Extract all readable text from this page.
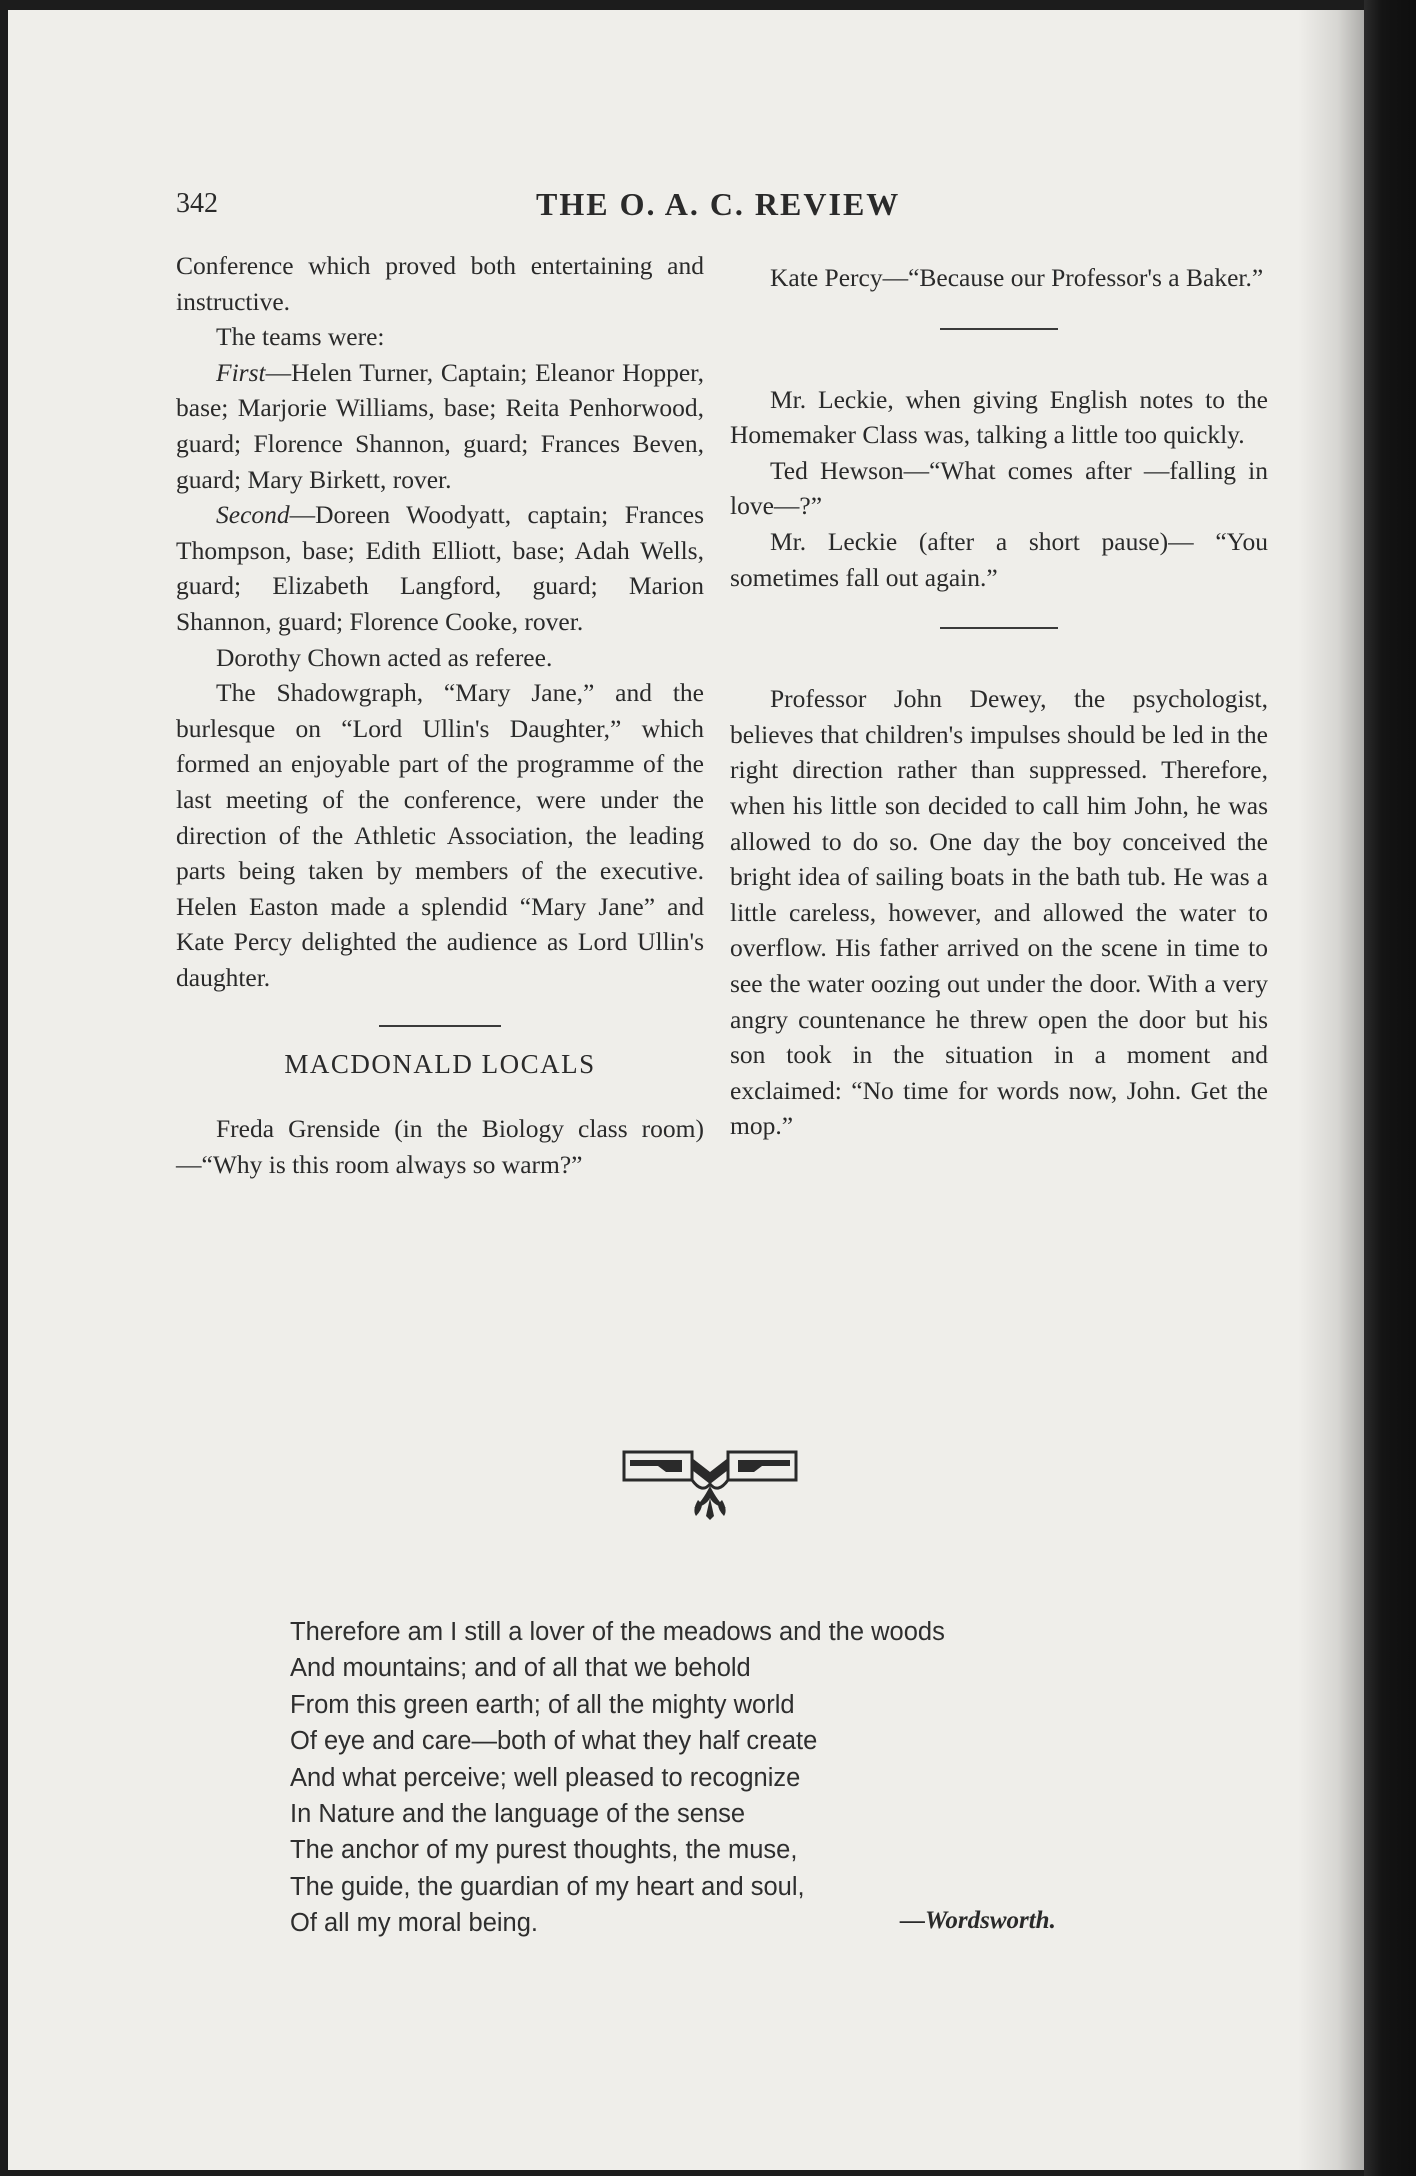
342	THE O. A. C. REVIEW

Conference which proved both entertaining and instructive.

The teams were:

First—Helen Turner, Captain; Eleanor Hopper, base; Marjorie Williams, base; Reita Penhorwood, guard; Florence Shannon, guard; Frances Beven, guard; Mary Birkett, rover.

Second—Doreen Woodyatt, captain; Frances Thompson, base; Edith Elliott, base; Adah Wells, guard; Elizabeth Langford, guard; Marion Shannon, guard; Florence Cooke, rover.

Dorothy Chown acted as referee.

The Shadowgraph, “Mary Jane,” and the burlesque on “Lord Ullin's Daughter,” which formed an enjoyable part of the programme of the last meeting of the conference, were under the direction of the Athletic Association, the leading parts being taken by members of the executive. Helen Easton made a splendid “Mary Jane” and Kate Percy delighted the audience as Lord Ullin's daughter.

MACDONALD LOCALS

Freda Grenside (in the Biology class room)—“Why is this room always so warm?”

Kate Percy—“Because our Professor's a Baker.”

Mr. Leckie, when giving English notes to the Homemaker Class was, talking a little too quickly.

Ted Hewson—“What comes after —falling in love—?”

Mr. Leckie (after a short pause)— “You sometimes fall out again.”

Professor John Dewey, the psychologist, believes that children's impulses should be led in the right direction rather than suppressed. Therefore, when his little son decided to call him John, he was allowed to do so. One day the boy conceived the bright idea of sailing boats in the bath tub. He was a little careless, however, and allowed the water to overflow. His father arrived on the scene in time to see the water oozing out under the door. With a very angry countenance he threw open the door but his son took in the situation in a moment and exclaimed: “No time for words now, John. Get the mop.”

Therefore am I still a lover of the meadows and the woods
And mountains; and of all that we behold
From this green earth; of all the mighty world
Of eye and care—both of what they half create
And what perceive; well pleased to recognize
In Nature and the language of the sense
The anchor of my purest thoughts, the muse,
The guide, the guardian of my heart and soul,
Of all my moral being.	—Wordsworth.
